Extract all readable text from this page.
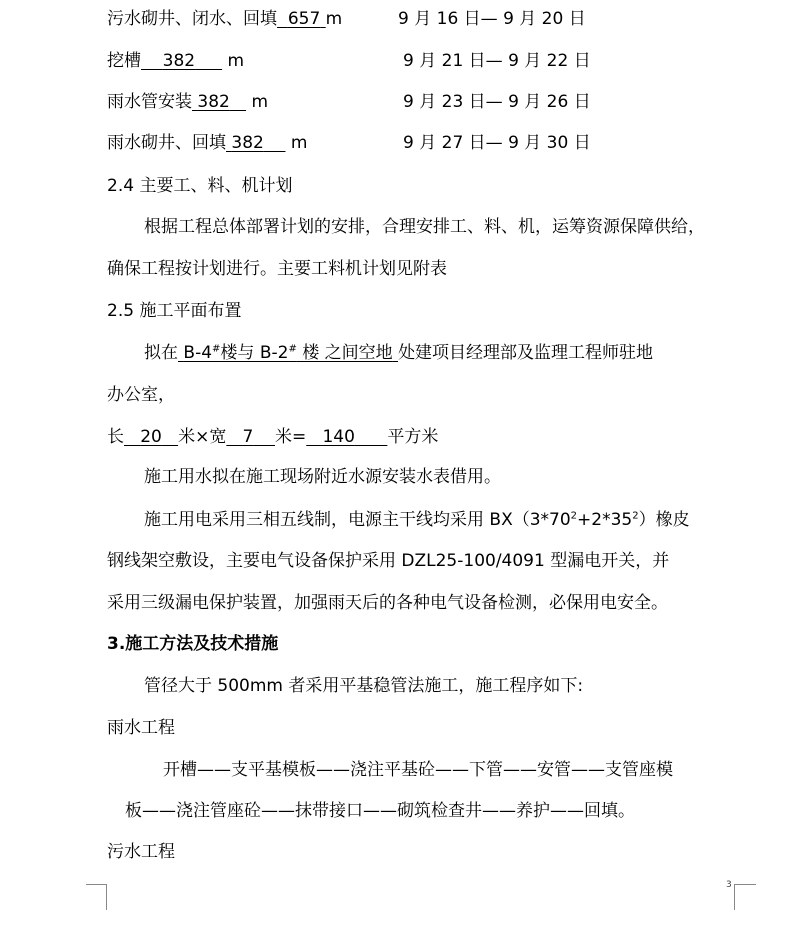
污水砌井、闭水、回填 657 m	9 月 16 日— 9 月 20 日
挖槽 382 m	9 月 21 日— 9 月 22 日
雨水管安装 382 m	9 月 23 日— 9 月 26 日
雨水砌井、回填 382 m	9 月 27 日— 9 月 30 日
2.4 主要工、料、机计划
根据工程总体部署计划的安排，合理安排工、料、机，运筹资源保障供给，
确保工程按计划进行。主要工料机计划见附表
2.5 施工平面布置
拟在 B-4#楼与 B-2# 楼 之间空地 处建项目经理部及监理工程师驻地
办公室，
长 20 米×宽 7 米= 140 平方米
施工用水拟在施工现场附近水源安装水表借用。
施工用电采用三相五线制，电源主干线均采用 $BX(3*70^2+2*35^2)$橡皮
钢线架空敷设，主要电气设备保护采用 DZL25-100/4091 型漏电开关，并
采用三级漏电保护装置，加强雨天后的各种电气设备检测，必保用电安全。
3.施工方法及技术措施
管径大于 500mm 者采用平基稳管法施工，施工程序如下:
雨水工程
开槽——支平基模板——浇注平基砼——下管——安管——支管座模
板——浇注管座砼——抹带接口——砌筑检查井——养护——回填。
污水工程
3
